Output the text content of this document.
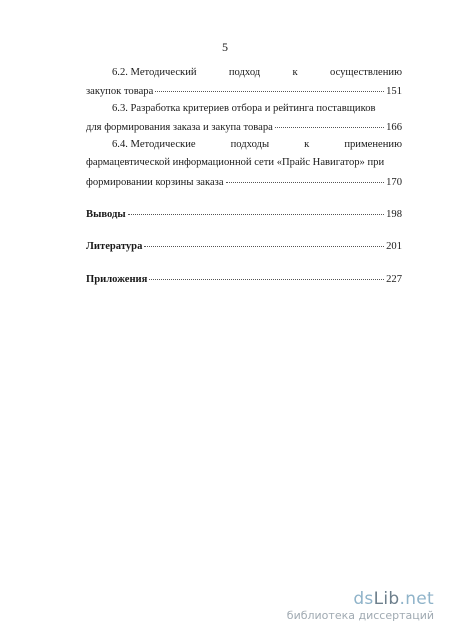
5
6.2. Методический	подход	к	осуществлению
закупок товара	151
6.3. Разработка критериев отбора и рейтинга поставщиков
для формирования заказа и закупа товара	166
6.4. Методические	подходы	к	применению
фармацевтической информационной сети «Прайс Навигатор» при
формировании корзины заказа	170
Выводы	198
Литература	201
Приложения	227
dsLib.net
библиотека диссертаций
